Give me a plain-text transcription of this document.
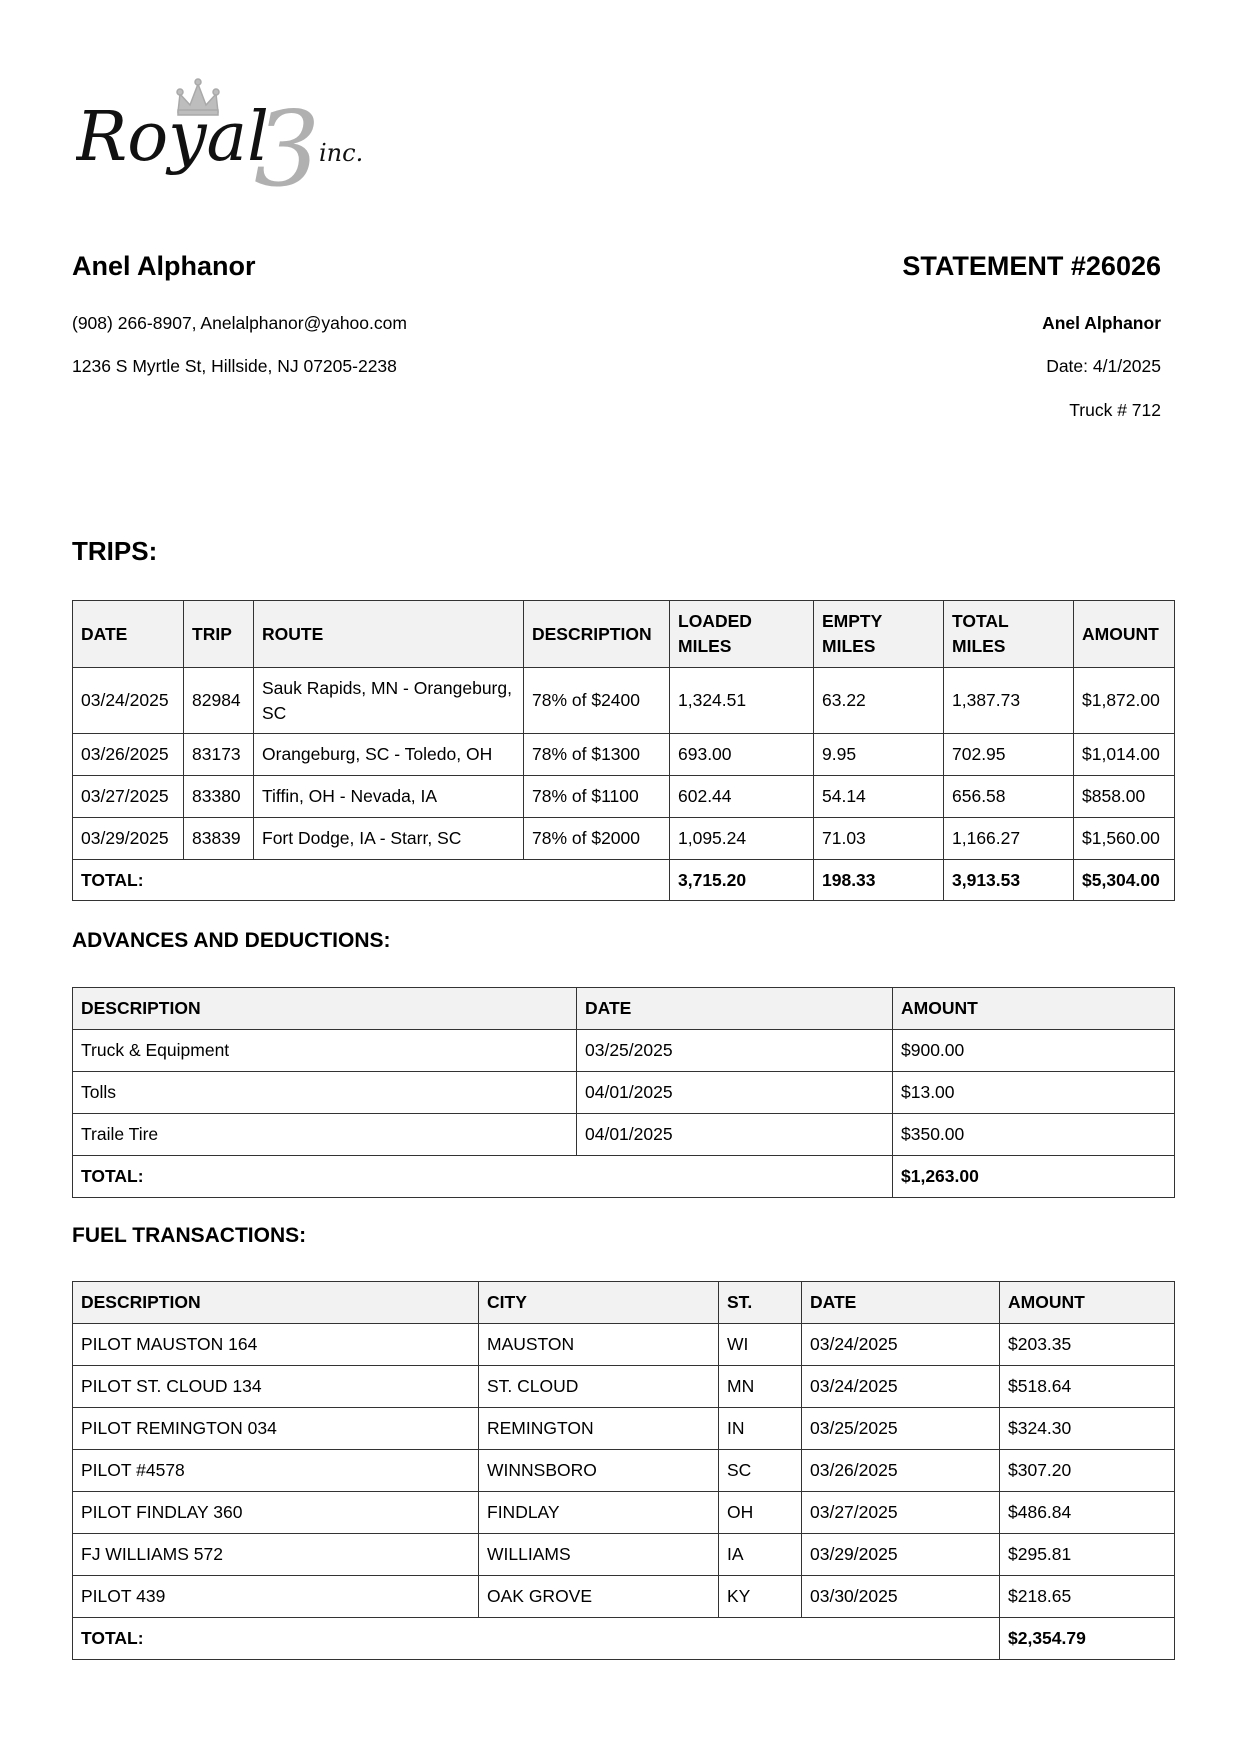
3
Royal inc.
Anel Alphanor
(908) 266-8907, Anelalphanor@yahoo.com
1236 S Myrtle St, Hillside, NJ 07205-2238
STATEMENT #26026
Anel Alphanor
Date: 4/1/2025
Truck # 712
TRIPS:
DATE	TRIP	ROUTE	DESCRIPTION	LOADED MILES	EMPTY MILES	TOTAL MILES	AMOUNT
03/24/2025	82984	Sauk Rapids, MN - Orangeburg, SC	78% of $2400	1,324.51	63.22	1,387.73	$1,872.00
03/26/2025	83173	Orangeburg, SC - Toledo, OH	78% of $1300	693.00	9.95	702.95	$1,014.00
03/27/2025	83380	Tiffin, OH - Nevada, IA	78% of $1100	602.44	54.14	656.58	$858.00
03/29/2025	83839	Fort Dodge, IA - Starr, SC	78% of $2000	1,095.24	71.03	1,166.27	$1,560.00
TOTAL:				3,715.20	198.33	3,913.53	$5,304.00
ADVANCES AND DEDUCTIONS:
DESCRIPTION	DATE	AMOUNT
Truck & Equipment	03/25/2025	$900.00
Tolls	04/01/2025	$13.00
Traile Tire	04/01/2025	$350.00
TOTAL:		$1,263.00
FUEL TRANSACTIONS:
DESCRIPTION	CITY	ST.	DATE	AMOUNT
PILOT MAUSTON 164	MAUSTON	WI	03/24/2025	$203.35
PILOT ST. CLOUD 134	ST. CLOUD	MN	03/24/2025	$518.64
PILOT REMINGTON 034	REMINGTON	IN	03/25/2025	$324.30
PILOT #4578	WINNSBORO	SC	03/26/2025	$307.20
PILOT FINDLAY 360	FINDLAY	OH	03/27/2025	$486.84
FJ WILLIAMS 572	WILLIAMS	IA	03/29/2025	$295.81
PILOT 439	OAK GROVE	KY	03/30/2025	$218.65
TOTAL:				$2,354.79
